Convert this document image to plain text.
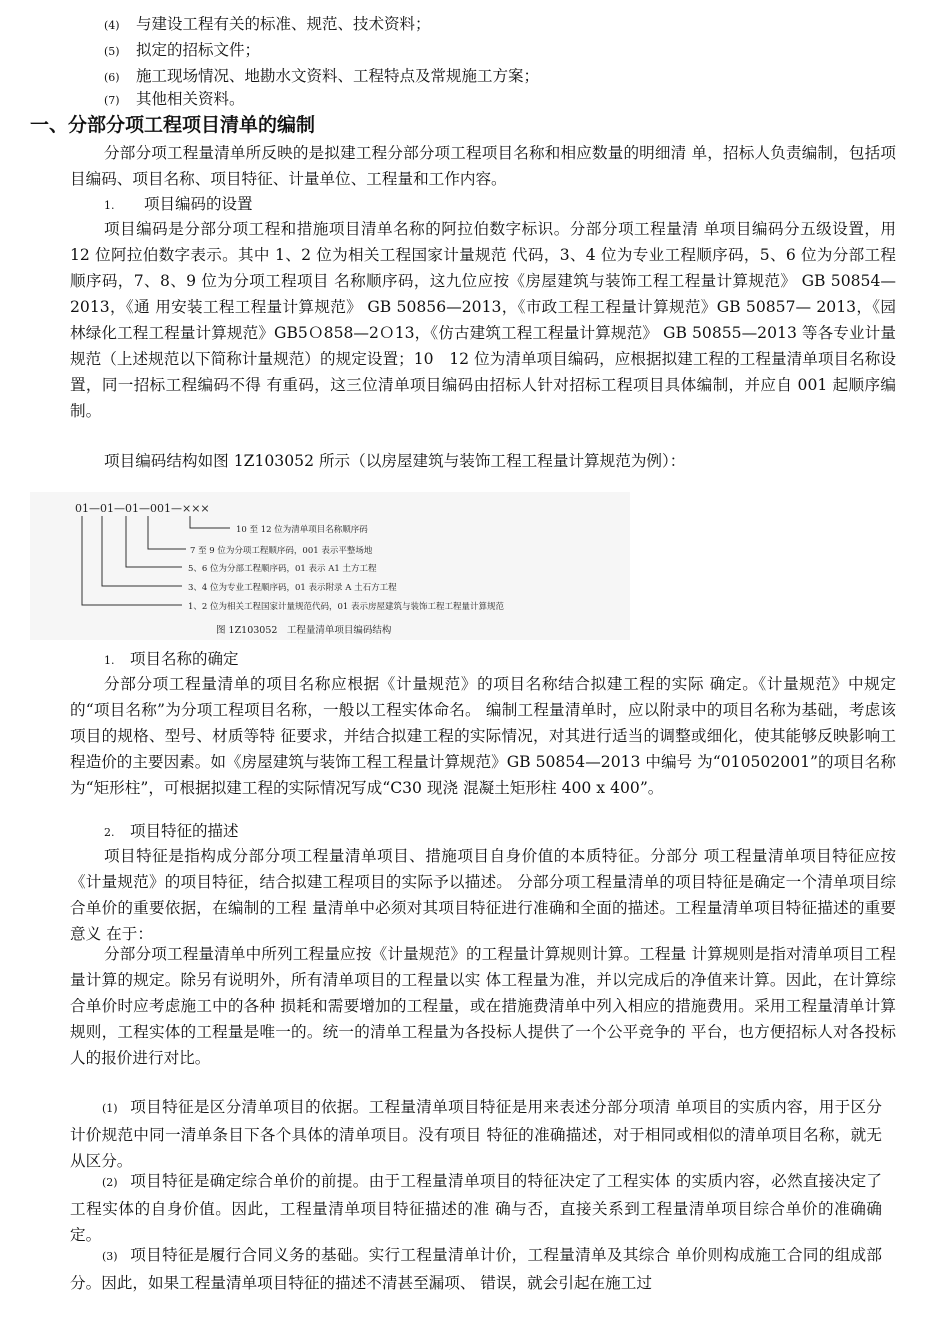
(4) 与建设工程有关的标准、规范、技术资料；
(5) 拟定的招标文件；
(6) 施工现场情况、地勘水文资料、工程特点及常规施工方案；
(7) 其他相关资料。
一、分部分项工程项目清单的编制

分部分项工程量清单所反映的是拟建工程分部分项工程项目名称和相应数量的明细清 单，招标人负责编制，包括项目编码、项目名称、项目特征、计量单位、工程量和工作内容。

1. 项目编码的设置

项目编码是分部分项工程和措施项目清单名称的阿拉伯数字标识。分部分项工程量清 单项目编码分五级设置，用 12 位阿拉伯数字表示。其中 1、2 位为相关工程国家计量规范 代码，3、4 位为专业工程顺序码，5、6 位为分部工程顺序码，7、8、9 位为分项工程项目 名称顺序码，这九位应按《房屋建筑与装饰工程工程量计算规范》 GB 50854—2013，《通 用安装工程工程量计算规范》 GB 50856—2013，《市政工程工程量计算规范》GB 50857— 2013，《园林绿化工程工程量计算规范》GB5Ｏ858—2Ｏ13，《仿古建筑工程工程量计算规范》 GB 50855—2013 等各专业计量规范（上述规范以下简称计量规范）的规定设置；10　12 位为清单项目编码，应根据拟建工程的工程量清单项目名称设置，同一招标工程编码不得 有重码，这三位清单项目编码由招标人针对招标工程项目具体编制，并应自 001 起顺序编制。

项目编码结构如图 1Z103052 所示（以房屋建筑与装饰工程工程量计算规范为例）：

01—01—01—001—×××
10 至 12 位为清单项目名称顺序码
7 至 9 位为分项工程顺序码，001 表示平整场地
5、6 位为分部工程顺序码，01 表示 A1 土方工程
3、4 位为专业工程顺序码，01 表示附录 A 土石方工程
1、2 位为相关工程国家计量规范代码，01 表示房屋建筑与装饰工程工程量计算规范
图 1Z103052　工程量清单项目编码结构
1. 项目名称的确定

分部分项工程量清单的项目名称应根据《计量规范》的项目名称结合拟建工程的实际 确定。《计量规范》中规定的“项目名称”为分项工程项目名称，一般以工程实体命名。 编制工程量清单时，应以附录中的项目名称为基础，考虑该项目的规格、型号、材质等特 征要求，并结合拟建工程的实际情况，对其进行适当的调整或细化，使其能够反映影响工 程造价的主要因素。如《房屋建筑与装饰工程工程量计算规范》GB 50854—2013 中编号 为“010502001”的项目名称为“矩形柱”，可根据拟建工程的实际情况写成“C30 现浇 混凝土矩形柱 400 x 400”。

2. 项目特征的描述

项目特征是指构成分部分项工程量清单项目、措施项目自身价值的本质特征。分部分 项工程量清单项目特征应按《计量规范》的项目特征，结合拟建工程项目的实际予以描述。 分部分项工程量清单的项目特征是确定一个清单项目综合单价的重要依据，在编制的工程 量清单中必须对其项目特征进行准确和全面的描述。工程量清单项目特征描述的重要意义 在于：

分部分项工程量清单中所列工程量应按《计量规范》的工程量计算规则计算。工程量 计算规则是指对清单项目工程量计算的规定。除另有说明外，所有清单项目的工程量以实 体工程量为准，并以完成后的净值来计算。因此，在计算综合单价时应考虑施工中的各种 损耗和需要增加的工程量，或在措施费清单中列入相应的措施费用。采用工程量清单计算 规则，工程实体的工程量是唯一的。统一的清单工程量为各投标人提供了一个公平竞争的 平台，也方便招标人对各投标人的报价进行对比。

(1) 项目特征是区分清单项目的依据。工程量清单项目特征是用来表述分部分项清 单项目的实质内容，用于区分计价规范中同一清单条目下各个具体的清单项目。没有项目 特征的准确描述，对于相同或相似的清单项目名称，就无从区分。

(2) 项目特征是确定综合单价的前提。由于工程量清单项目的特征决定了工程实体 的实质内容，必然直接决定了工程实体的自身价值。因此，工程量清单项目特征描述的准 确与否，直接关系到工程量清单项目综合单价的准确确定。

(3) 项目特征是履行合同义务的基础。实行工程量清单计价，工程量清单及其综合 单价则构成施工合同的组成部分。因此，如果工程量清单项目特征的描述不清甚至漏项、 错误，就会引起在施工过
